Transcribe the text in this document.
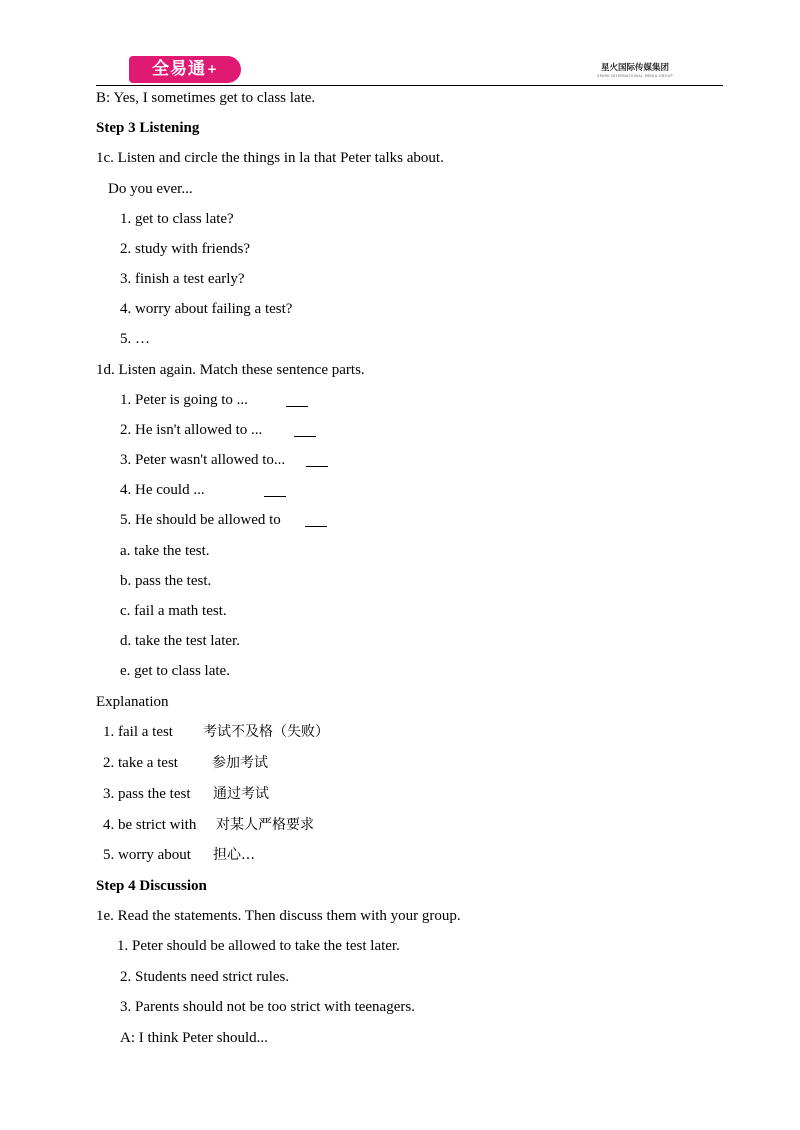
全易通+	星火国际传媒集团
SPARK INTERNATIONAL MEDIA GROUP
B: Yes, I sometimes get to class late.
Step 3 Listening
1c. Listen and circle the things in la that Peter talks about.
Do you ever...
1. get to class late?
2. study with friends?
3. finish a test early?
4. worry about failing a test?
5. …
1d. Listen again. Match these sentence parts.
1. Peter is going to ...
2. He isn't allowed to ...
3. Peter wasn't allowed to...
4. He could ...
5. He should be allowed to
a. take the test.
b. pass the test.
c. fail a math test.
d. take the test later.
e. get to class late.
Explanation
1. fail a test 考试不及格（失败）
2. take a test 参加考试
3. pass the test 通过考试
4. be strict with 对某人严格要求
5. worry about 担心…
Step 4 Discussion
1e. Read the statements. Then discuss them with your group.
1. Peter should be allowed to take the test later.
2. Students need strict rules.
3. Parents should not be too strict with teenagers.
A: I think Peter should...
